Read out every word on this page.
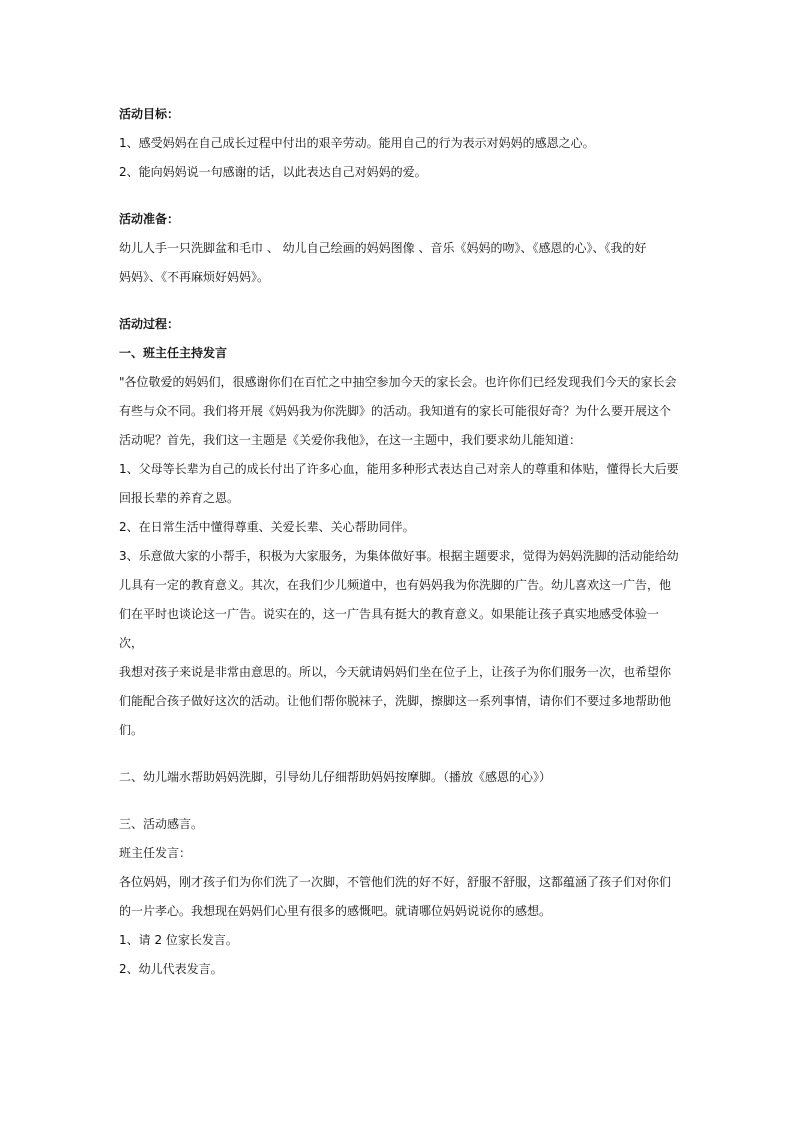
活动目标：

1、感受妈妈在自己成长过程中付出的艰辛劳动。能用自己的行为表示对妈妈的感恩之心。

2、能向妈妈说一句感谢的话，以此表达自己对妈妈的爱。

活动准备：

幼儿人手一只洗脚盆和毛巾 、 幼儿自己绘画的妈妈图像 、音乐《妈妈的吻》、《感恩的心》、《我的好

妈妈》、《不再麻烦好妈妈》。

活动过程：

一、班主任主持发言

"各位敬爱的妈妈们，很感谢你们在百忙之中抽空参加今天的家长会。也许你们已经发现我们今天的家长会

有些与众不同。我们将开展《妈妈我为你洗脚》的活动。我知道有的家长可能很好奇？为什么要开展这个

活动呢？首先，我们这一主题是《关爱你我他》，在这一主题中，我们要求幼儿能知道：

1、父母等长辈为自己的成长付出了许多心血，能用多种形式表达自己对亲人的尊重和体贴，懂得长大后要

回报长辈的养育之恩。

2、在日常生活中懂得尊重、关爱长辈、关心帮助同伴。

3、乐意做大家的小帮手，积极为大家服务，为集体做好事。根据主题要求，觉得为妈妈洗脚的活动能给幼

儿具有一定的教育意义。其次，在我们少儿频道中，也有妈妈我为你洗脚的广告。幼儿喜欢这一广告，他

们在平时也谈论这一广告。说实在的，这一广告具有挺大的教育意义。如果能让孩子真实地感受体验一次，

我想对孩子来说是非常由意思的。所以，今天就请妈妈们坐在位子上，让孩子为你们服务一次，也希望你

们能配合孩子做好这次的活动。让他们帮你脱袜子，洗脚，擦脚这一系列事情，请你们不要过多地帮助他

们。

二、幼儿端水帮助妈妈洗脚，引导幼儿仔细帮助妈妈按摩脚。（播放《感恩的心》）

三、活动感言。

班主任发言：

各位妈妈，刚才孩子们为你们洗了一次脚，不管他们洗的好不好，舒服不舒服，这都蕴涵了孩子们对你们

的一片孝心。我想现在妈妈们心里有很多的感慨吧。就请哪位妈妈说说你的感想。

1、请 2 位家长发言。

2、幼儿代表发言。
